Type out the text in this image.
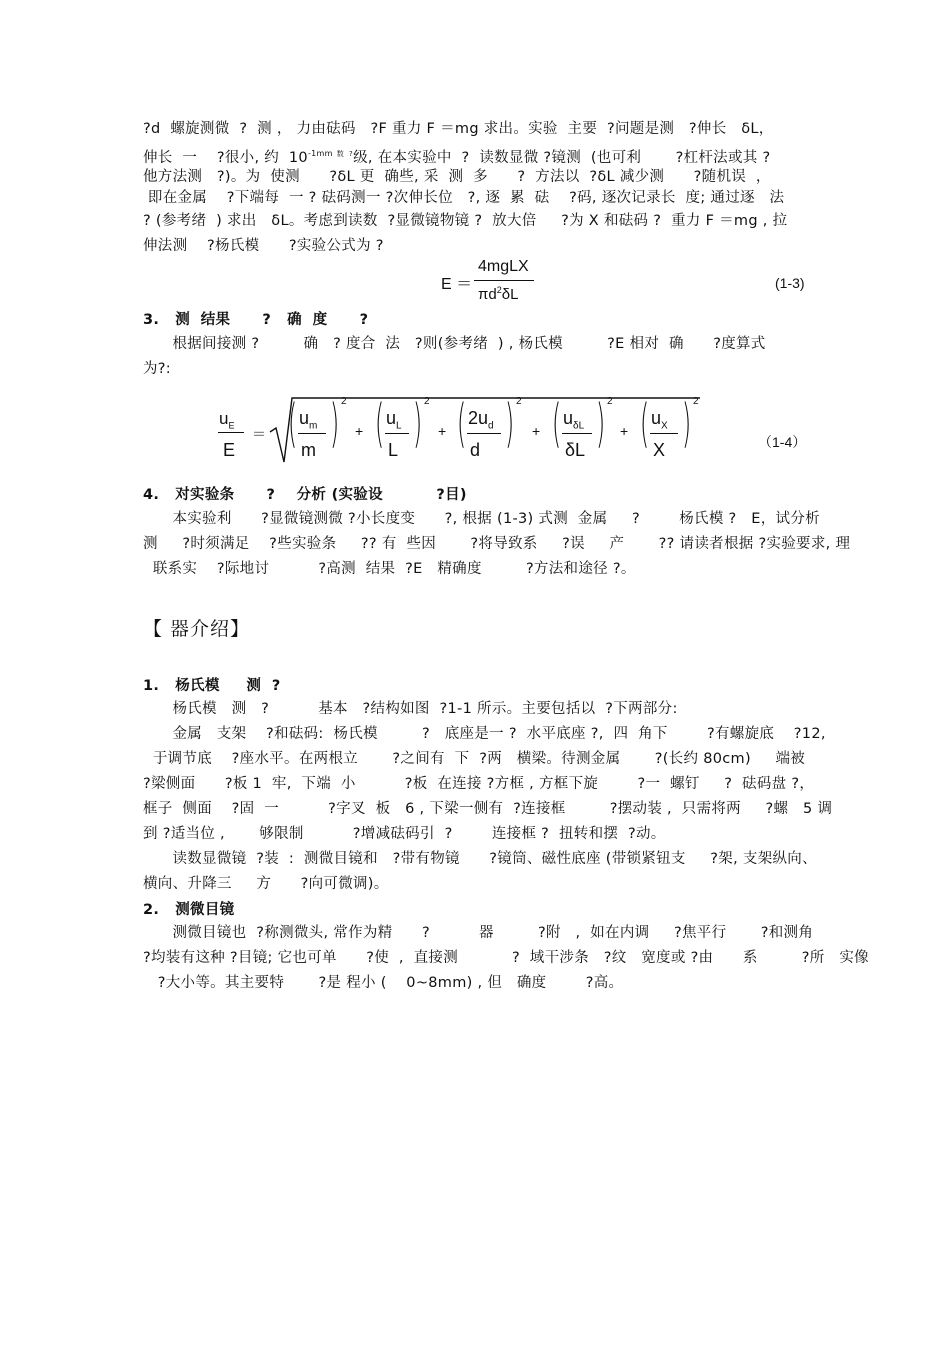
?d  螺旋测微  ?  测 ， 力由砝码   ?F 重力 F ＝mg 求出。实验  主要  ?问题是测   ?伸长   δL，
伸长  一    ?很小, 约  $10^{-1mm}$ $^{数 ?}$级, 在本实验中  ?  读数显微 ?镜测  (也可利       ?杠杆法或其 ?
他方法测   ?)。为  使测      ?δL 更  确些, 采  测  多      ?  方法以  ?δL 减少测      ?随机误  ，
即在金属    ?下端每  一 ? 砝码测一 ?次伸长位   ?, 逐  累  砝    ?码, 逐次记录长  度; 通过逐   法
? (参考绪  ) 求出   δL。考虑到读数  ?显微镜物镜 ?  放大倍     ?为 X 和砝码 ?  重力 F ＝mg , 拉
伸法测    ?杨氏模      ?实验公式为 ?
E ＝
4mgLX
$\pi d^2\delta L$
(1-3)
3.   测  结果      ?   确  度      ?
根据间接测 ?         确   ? 度合  法   ?则(参考绪  ) , 杨氏模         ?E 相对  确      ?度算式
为?:
$u_E$
E
＝ ( )
$u_m$
m
2
+ ( )
$u_L$
L
2
+ ( )
$2u_d$
d
2
+ ( )
$u_{\delta L}$
δL
2
+ ( )
$u_X$
X
2
（1-4）
4.   对实验条      ?    分析 (实验设          ?目)
本实验利      ?显微镜测微 ?小长度变      ?, 根据 (1-3) 式测  金属     ?        杨氏模 ?   E，试分析
测     ?时须满足    ?些实验条     ?? 有  些因       ?将导致系     ?误     产       ?? 请读者根据 ?实验要求, 理
联系实    ?际地讨          ?高测  结果  ?E   精确度         ?方法和途径 ?。
【 器介绍】
1.   杨氏模     测  ?
杨氏模   测   ?          基本   ?结构如图  ?1-1 所示。主要包括以  ?下两部分:
金属   支架    ?和砝码:  杨氏模         ?   底座是一 ?  水平底座 ?,  四  角下        ?有螺旋底    ?12,
于调节底    ?座水平。在两根立       ?之间有  下  ?两   横梁。待测金属       ?(长约 80cm)     端被
?梁侧面      ?板 1  牢,  下端  小          ?板  在连接 ?方框 , 方框下旋        ?一  螺钉     ?  砝码盘 ?，
框子  侧面    ?固  一          ?字叉  板   6 , 下梁一侧有  ?连接框         ?摆动装 ,  只需将两     ?螺   5 调
到 ?适当位 ,       够限制          ?增减砝码引  ?        连接框 ?  扭转和摆  ?动。
读数显微镜  ?装  :  测微目镜和   ?带有物镜      ?镜筒、磁性底座 (带锁紧钮支     ?架, 支架纵向、
横向、升降三     方      ?向可微调)。
2.   测微目镜
测微目镜也  ?称测微头, 常作为精      ?          器         ?附   ,  如在内调     ?焦平行       ?和测角
?均装有这种 ?目镜; 它也可单      ?使  ,  直接测           ?  域干涉条   ?纹   宽度或 ?由      系         ?所   实像
?大小等。其主要特       ?是 程小 (    0~8mm) , 但   确度        ?高。
